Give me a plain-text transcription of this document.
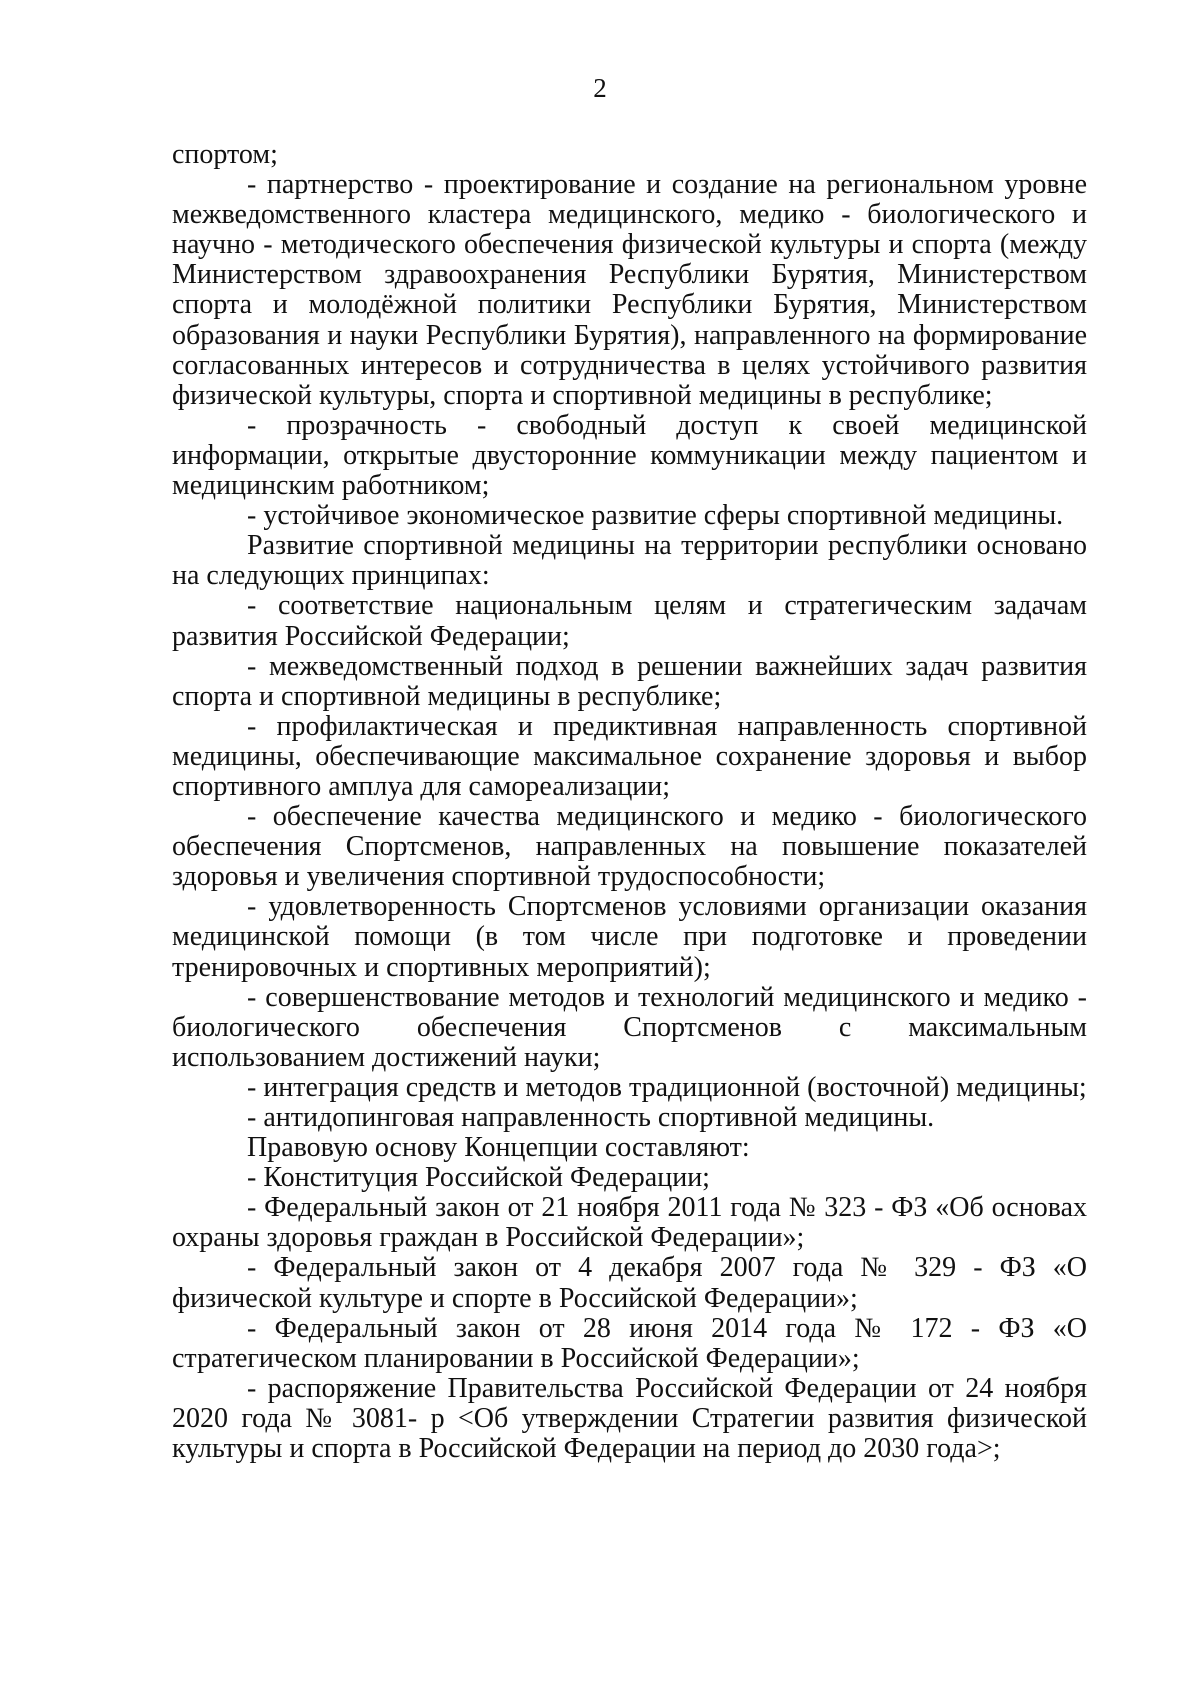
2

спортом;

- партнерство - проектирование и создание на региональном уровне межведомственного кластера медицинского, медико - биологического и научно - методического обеспечения физической культуры и спорта (между Министерством здравоохранения Республики Бурятия, Министерством спорта и молодёжной политики Республики Бурятия, Министерством образования и науки Республики Бурятия), направленного на формирование согласованных интересов и сотрудничества в целях устойчивого развития физической культуры, спорта и спортивной медицины в республике;

- прозрачность - свободный доступ к своей медицинской информации, открытые двусторонние коммуникации между пациентом и медицинским работником;

- устойчивое экономическое развитие сферы спортивной медицины.

Развитие спортивной медицины на территории республики основано на следующих принципах:

- соответствие национальным целям и стратегическим задачам развития Российской Федерации;

- межведомственный подход в решении важнейших задач развития спорта и спортивной медицины в республике;

- профилактическая и предиктивная направленность спортивной медицины, обеспечивающие максимальное сохранение здоровья и выбор спортивного амплуа для самореализации;

- обеспечение качества медицинского и медико - биологического обеспечения Спортсменов, направленных на повышение показателей здоровья и увеличения спортивной трудоспособности;

- удовлетворенность Спортсменов условиями организации оказания медицинской помощи (в том числе при подготовке и проведении тренировочных и спортивных мероприятий);

- совершенствование методов и технологий медицинского и медико - биологического обеспечения Спортсменов с максимальным использованием достижений науки;

- интеграция средств и методов традиционной (восточной) медицины;

- антидопинговая направленность спортивной медицины.

Правовую основу Концепции составляют:

- Конституция Российской Федерации;

- Федеральный закон от 21 ноября 2011 года № 323 - ФЗ «Об основах охраны здоровья граждан в Российской Федерации»;

- Федеральный закон от 4 декабря 2007 года № 329 - ФЗ «О физической культуре и спорте в Российской Федерации»;

- Федеральный закон от 28 июня 2014 года № 172 - ФЗ «О стратегическом планировании в Российской Федерации»;

- распоряжение Правительства Российской Федерации от 24 ноября 2020 года № 3081- р <Об утверждении Стратегии развития физической культуры и спорта в Российской Федерации на период до 2030 года>;
